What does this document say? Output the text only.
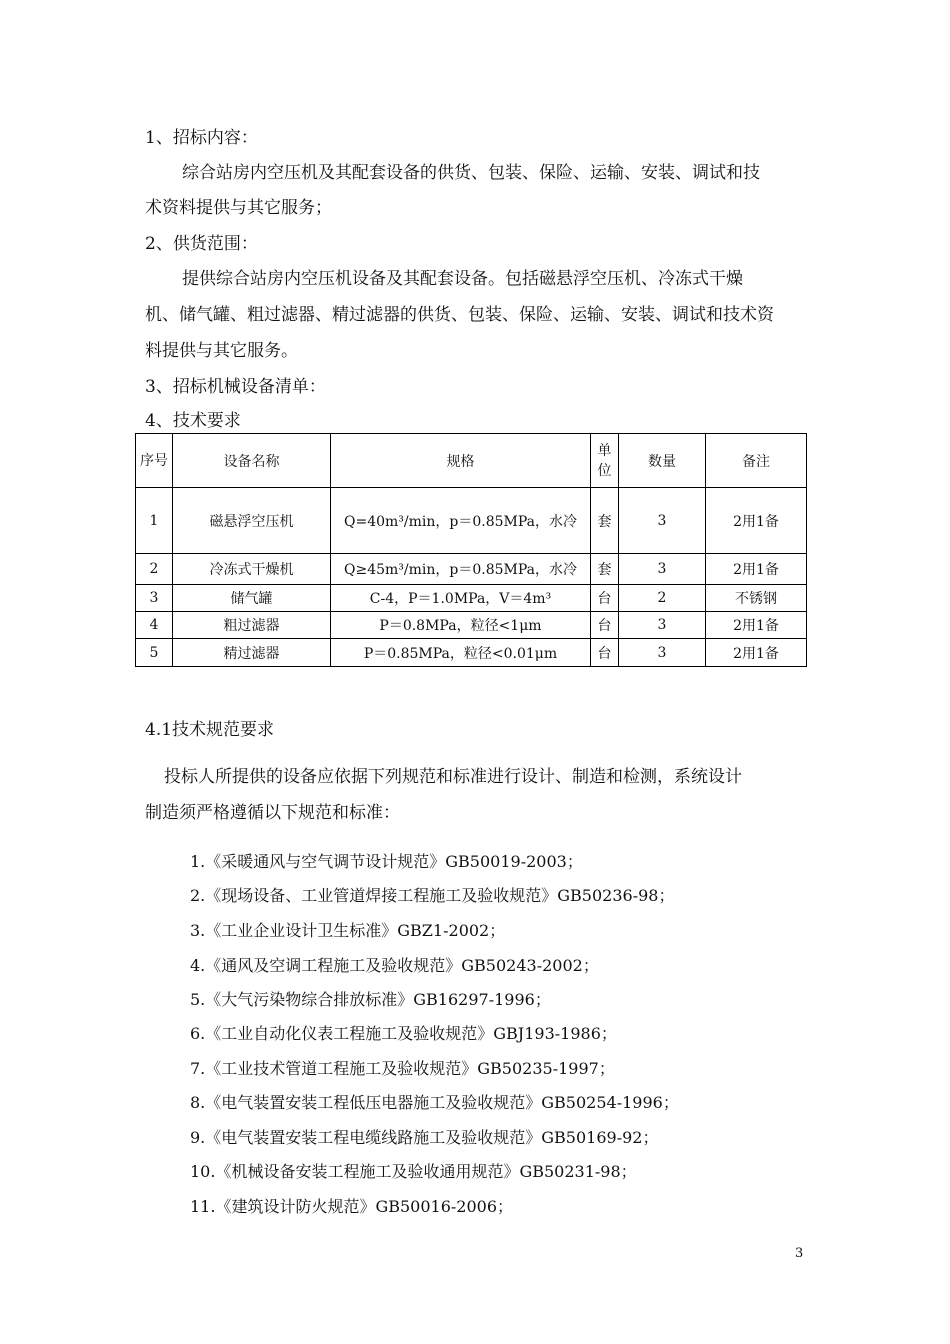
1、招标内容：
综合站房内空压机及其配套设备的供货、包装、保险、运输、安装、调试和技
术资料提供与其它服务；
2、供货范围：
提供综合站房内空压机设备及其配套设备。包括磁悬浮空压机、冷冻式干燥
机、储气罐、粗过滤器、精过滤器的供货、包装、保险、运输、安装、调试和技术资
料提供与其它服务。
3、招标机械设备清单：
4、技术要求
序号	设备名称	规格	单位	数量	备注
1	磁悬浮空压机	Q=40m³/min，p＝0.85MPa，水冷	套	3	2用1备
2	冷冻式干燥机	Q≥45m³/min，p＝0.85MPa，水冷	套	3	2用1备
3	储气罐	C-4，P＝1.0MPa，V＝4m³	台	2	不锈钢
4	粗过滤器	P＝0.8MPa，粒径<1μm	台	3	2用1备
5	精过滤器	P＝0.85MPa，粒径<0.01μm	台	3	2用1备
4.1技术规范要求
投标人所提供的设备应依据下列规范和标准进行设计、制造和检测，系统设计
制造须严格遵循以下规范和标准：
1.《采暖通风与空气调节设计规范》GB50019-2003；
2.《现场设备、工业管道焊接工程施工及验收规范》GB50236-98；
3.《工业企业设计卫生标准》GBZ1-2002；
4.《通风及空调工程施工及验收规范》GB50243-2002；
5.《大气污染物综合排放标准》GB16297-1996；
6.《工业自动化仪表工程施工及验收规范》GBJ193-1986；
7.《工业技术管道工程施工及验收规范》GB50235-1997；
8.《电气装置安装工程低压电器施工及验收规范》GB50254-1996；
9.《电气装置安装工程电缆线路施工及验收规范》GB50169-92；
10.《机械设备安装工程施工及验收通用规范》GB50231-98；
11.《建筑设计防火规范》GB50016-2006；
3
